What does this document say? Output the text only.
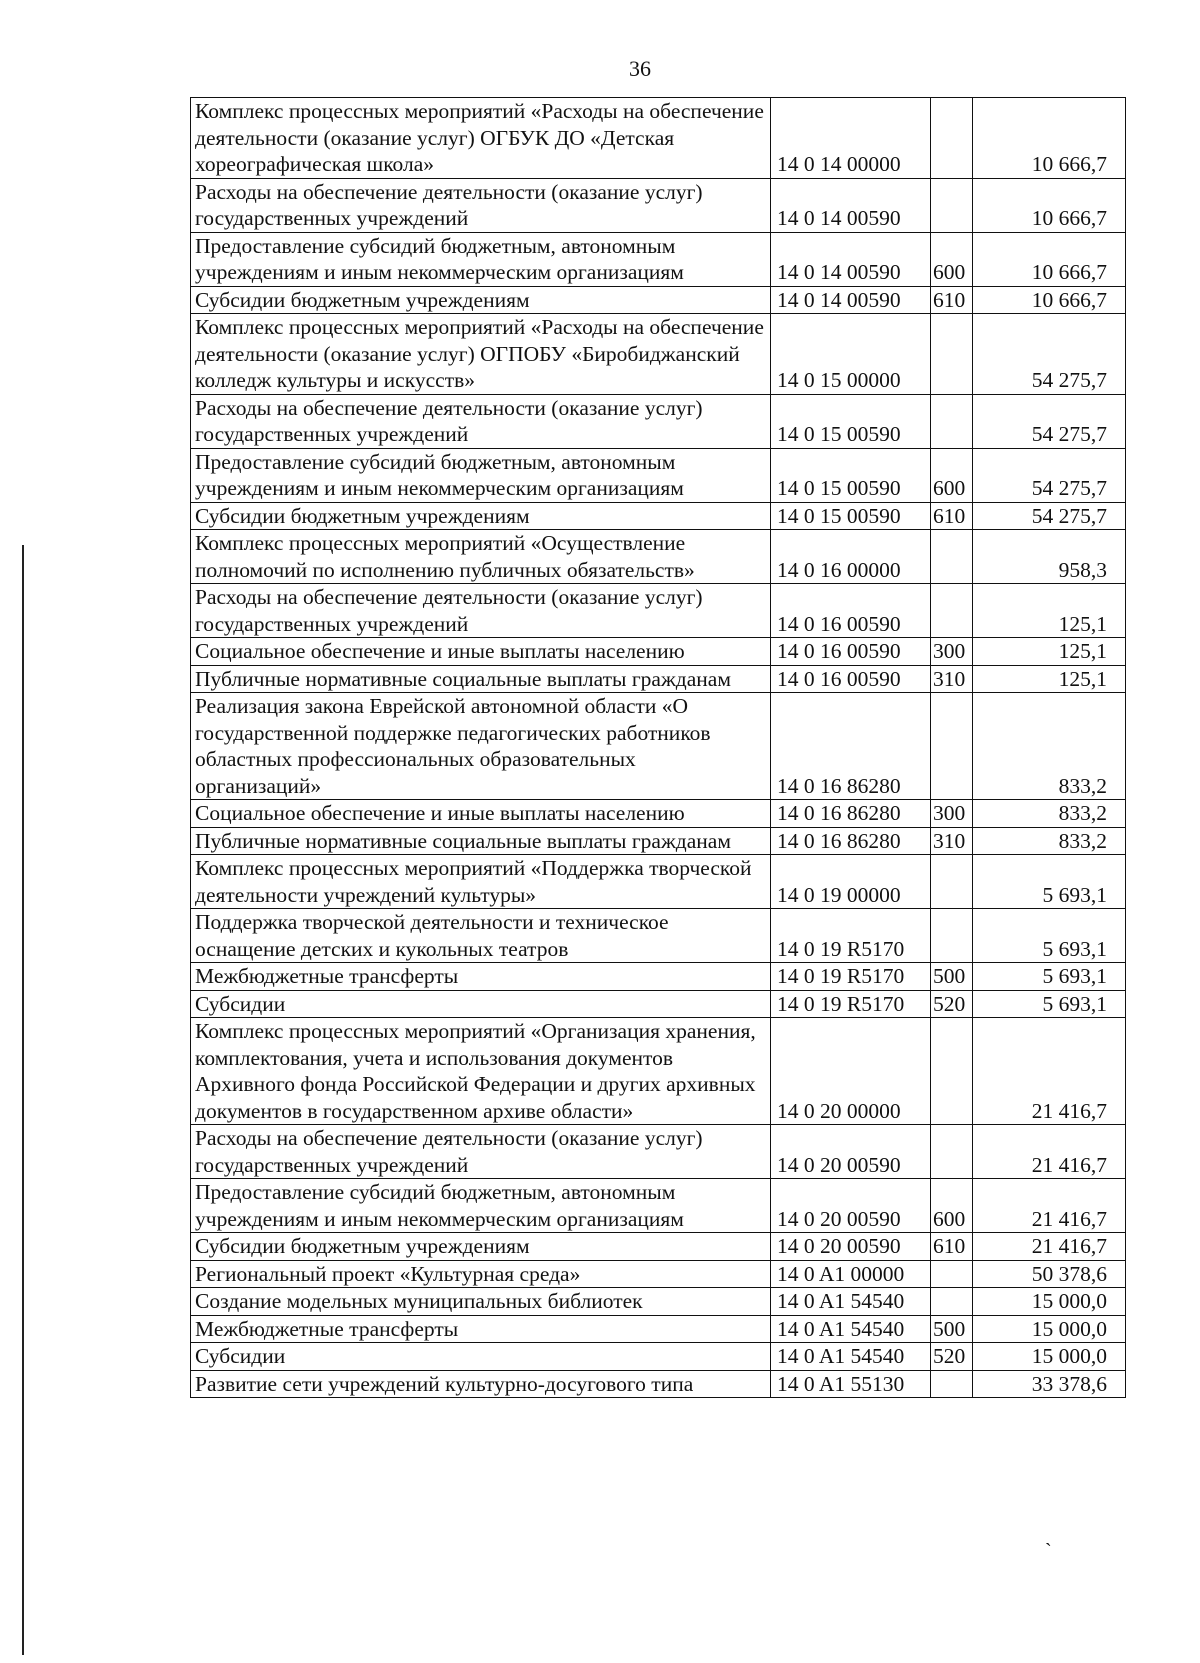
36
ˋ
Комплекс процессных мероприятий «Расходы на обеспечение деятельности (оказание услуг) ОГБУК ДО «Детская хореографическая школа»	14 0 14 00000		10 666,7
Расходы на обеспечение деятельности (оказание услуг) государственных учреждений	14 0 14 00590		10 666,7
Предоставление субсидий бюджетным, автономным учреждениям и иным некоммерческим организациям	14 0 14 00590	600	10 666,7
Субсидии бюджетным учреждениям	14 0 14 00590	610	10 666,7
Комплекс процессных мероприятий «Расходы на обеспечение деятельности (оказание услуг) ОГПОБУ «Биробиджанский колледж культуры и искусств»	14 0 15 00000		54 275,7
Расходы на обеспечение деятельности (оказание услуг) государственных учреждений	14 0 15 00590		54 275,7
Предоставление субсидий бюджетным, автономным учреждениям и иным некоммерческим организациям	14 0 15 00590	600	54 275,7
Субсидии бюджетным учреждениям	14 0 15 00590	610	54 275,7
Комплекс процессных мероприятий «Осуществление полномочий по исполнению публичных обязательств»	14 0 16 00000		958,3
Расходы на обеспечение деятельности (оказание услуг) государственных учреждений	14 0 16 00590		125,1
Социальное обеспечение и иные выплаты населению	14 0 16 00590	300	125,1
Публичные нормативные социальные выплаты гражданам	14 0 16 00590	310	125,1
Реализация закона Еврейской автономной области «О государственной поддержке педагогических работников областных профессиональных образовательных организаций»	14 0 16 86280		833,2
Социальное обеспечение и иные выплаты населению	14 0 16 86280	300	833,2
Публичные нормативные социальные выплаты гражданам	14 0 16 86280	310	833,2
Комплекс процессных мероприятий «Поддержка творческой деятельности учреждений культуры»	14 0 19 00000		5 693,1
Поддержка творческой деятельности и техническое оснащение детских и кукольных театров	14 0 19 R5170		5 693,1
Межбюджетные трансферты	14 0 19 R5170	500	5 693,1
Субсидии	14 0 19 R5170	520	5 693,1
Комплекс процессных мероприятий «Организация хранения, комплектования, учета и использования документов Архивного фонда Российской Федерации и других архивных документов в государственном архиве области»	14 0 20 00000		21 416,7
Расходы на обеспечение деятельности (оказание услуг) государственных учреждений	14 0 20 00590		21 416,7
Предоставление субсидий бюджетным, автономным учреждениям и иным некоммерческим организациям	14 0 20 00590	600	21 416,7
Субсидии бюджетным учреждениям	14 0 20 00590	610	21 416,7
Региональный проект «Культурная среда»	14 0 A1 00000		50 378,6
Создание модельных муниципальных библиотек	14 0 A1 54540		15 000,0
Межбюджетные трансферты	14 0 A1 54540	500	15 000,0
Субсидии	14 0 A1 54540	520	15 000,0
Развитие сети учреждений культурно-досугового типа	14 0 A1 55130		33 378,6
